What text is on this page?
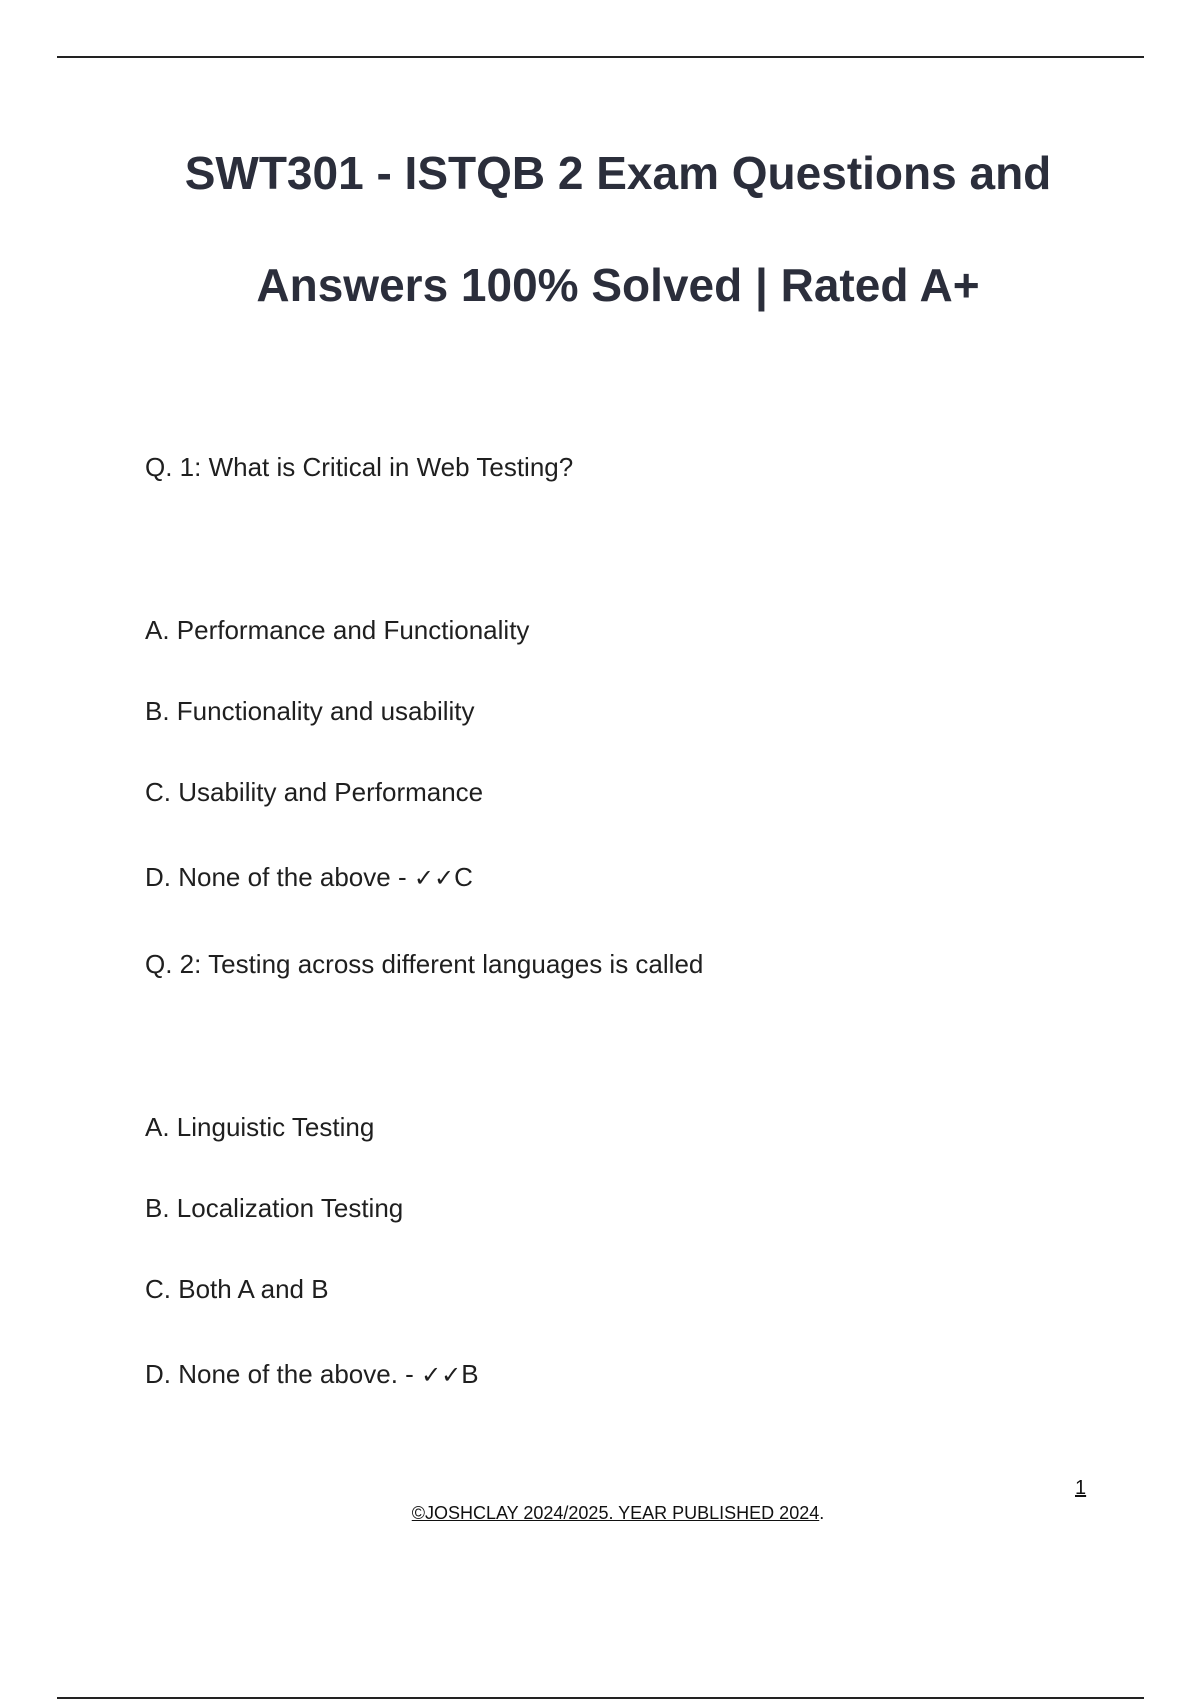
SWT301 - ISTQB 2 Exam Questions and
Answers 100% Solved | Rated A+

Q. 1: What is Critical in Web Testing?

A. Performance and Functionality

B. Functionality and usability

C. Usability and Performance

D. None of the above - ✓✓C

Q. 2: Testing across different languages is called

A. Linguistic Testing

B. Localization Testing

C. Both A and B

D. None of the above. - ✓✓B

1
©JOSHCLAY 2024/2025. YEAR PUBLISHED 2024.
